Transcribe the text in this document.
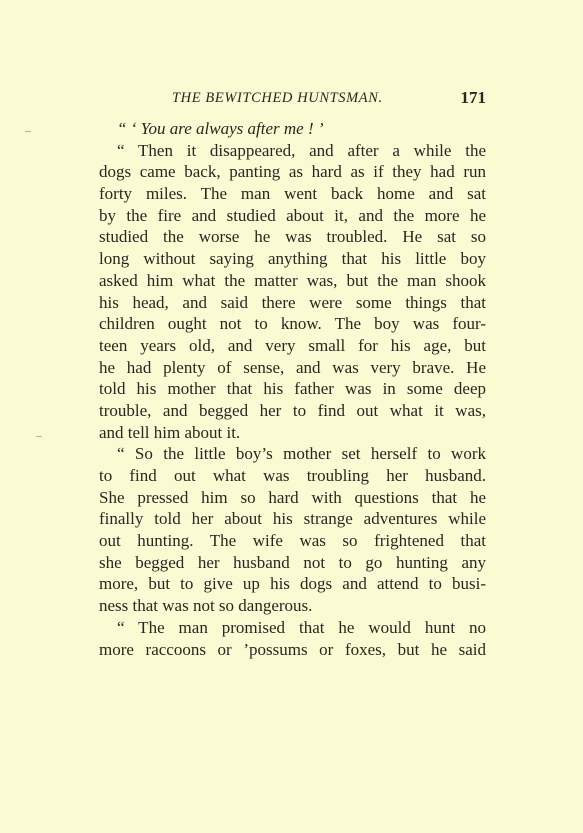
THE BEWITCHED HUNTSMAN.	171
“ ‘ You are always after me ! ’
“ Then it disappeared, and after a while the
dogs came back, panting as hard as if they had run
forty miles. The man went back home and sat
by the fire and studied about it, and the more he
studied the worse he was troubled. He sat so
long without saying anything that his little boy
asked him what the matter was, but the man shook
his head, and said there were some things that
children ought not to know. The boy was four-
teen years old, and very small for his age, but
he had plenty of sense, and was very brave. He
told his mother that his father was in some deep
trouble, and begged her to find out what it was,
and tell him about it.
“ So the little boy’s mother set herself to work
to find out what was troubling her husband.
She pressed him so hard with questions that he
finally told her about his strange adventures while
out hunting. The wife was so frightened that
she begged her husband not to go hunting any
more, but to give up his dogs and attend to busi-
ness that was not so dangerous.
“ The man promised that he would hunt no
more raccoons or ’possums or foxes, but he said
